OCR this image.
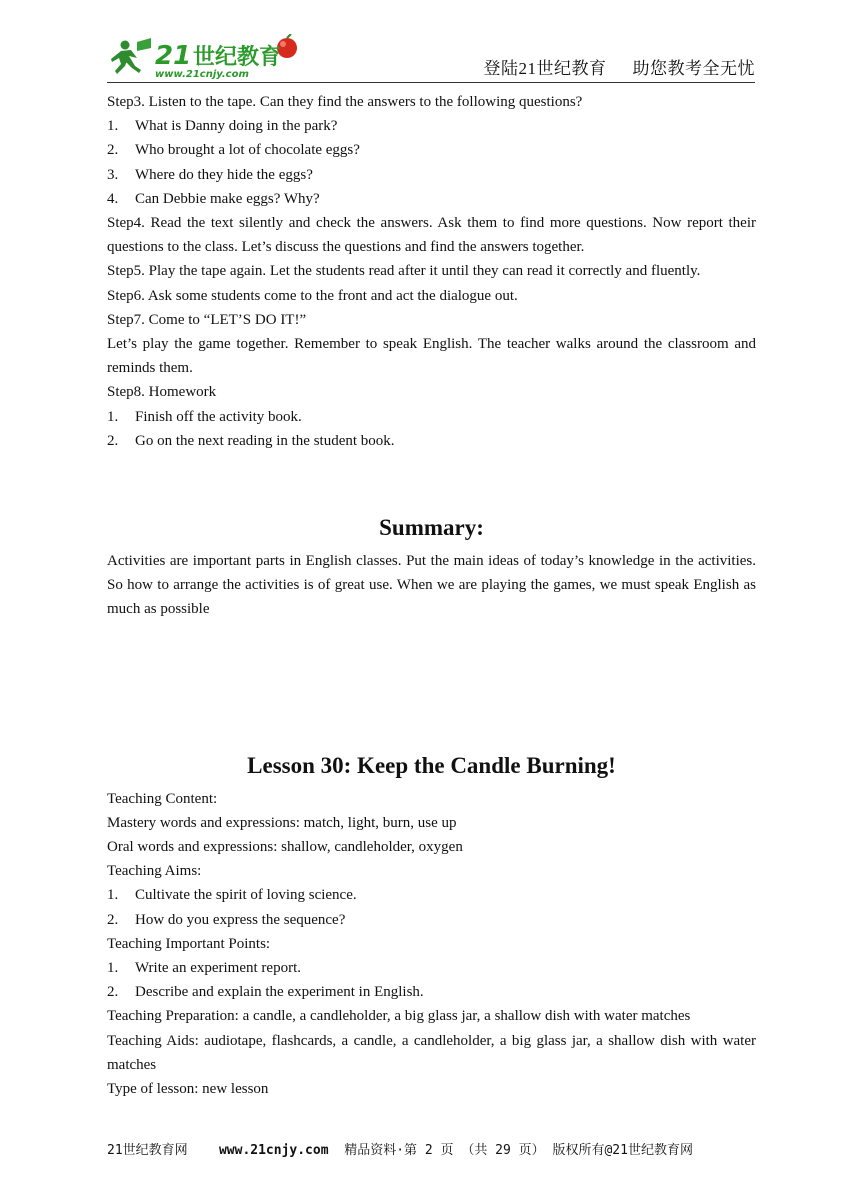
21 世纪教育
www.21cnjy.com	登陆21世纪教育 助您教考全无忧
Step3. Listen to the tape. Can they find the answers to the following questions?
1. What is Danny doing in the park?
2. Who brought a lot of chocolate eggs?
3. Where do they hide the eggs?
4. Can Debbie make eggs? Why?
Step4. Read the text silently and check the answers. Ask them to find more questions. Now report their questions to the class. Let’s discuss the questions and find the answers together.
Step5. Play the tape again. Let the students read after it until they can read it correctly and fluently.
Step6. Ask some students come to the front and act the dialogue out.
Step7. Come to “LET’S DO IT!”
Let’s play the game together. Remember to speak English. The teacher walks around the classroom and reminds them.
Step8. Homework
1. Finish off the activity book.
2. Go on the next reading in the student book.
Summary:
Activities are important parts in English classes. Put the main ideas of today’s knowledge in the activities. So how to arrange the activities is of great use. When we are playing the games, we must speak English as much as possible
Lesson 30: Keep the Candle Burning!
Teaching Content:
Mastery words and expressions: match, light, burn, use up
Oral words and expressions: shallow, candleholder, oxygen
Teaching Aims:
1. Cultivate the spirit of loving science.
2. How do you express the sequence?
Teaching Important Points:
1. Write an experiment report.
2. Describe and explain the experiment in English.
Teaching Preparation: a candle, a candleholder, a big glass jar, a shallow dish with water matches
Teaching Aids: audiotape, flashcards, a candle, a candleholder, a big glass jar, a shallow dish with water matches
Type of lesson: new lesson
21世纪教育网 www.21cnjy.com 精品资料·第 2 页 （共 29 页） 版权所有@21世纪教育网
